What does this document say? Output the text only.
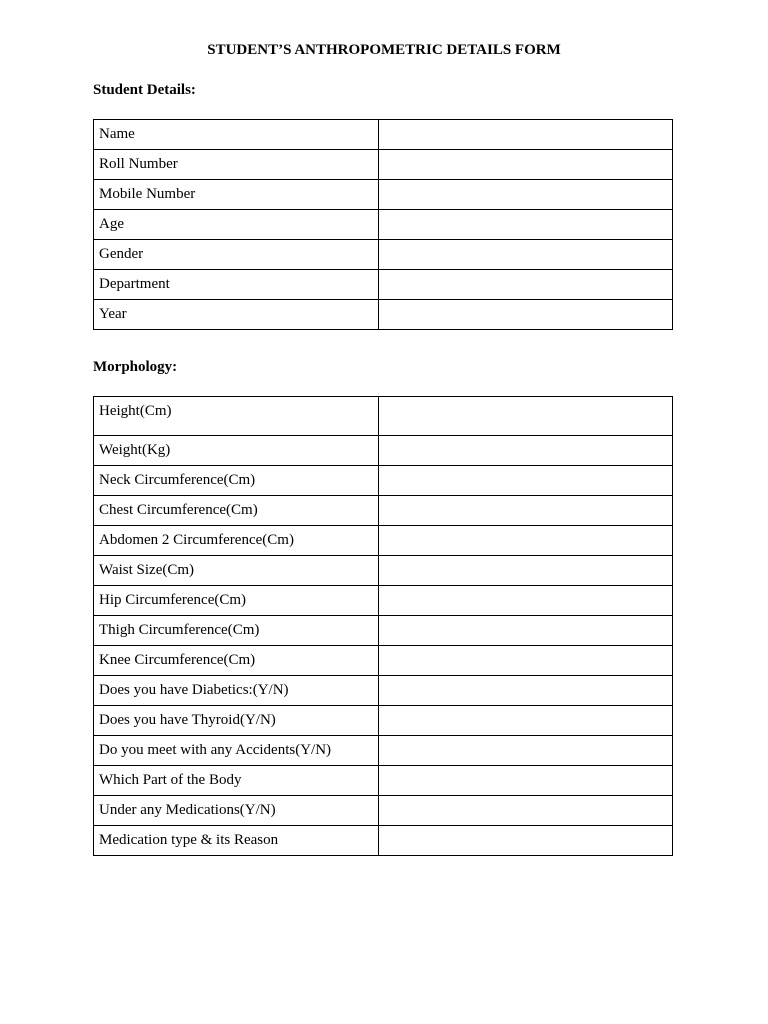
STUDENT’S ANTHROPOMETRIC DETAILS FORM
Student Details:
Name	
Roll Number	
Mobile Number	
Age	
Gender	
Department	
Year	
Morphology:
Height(Cm)	
Weight(Kg)	
Neck Circumference(Cm)	
Chest Circumference(Cm)	
Abdomen 2 Circumference(Cm)	
Waist Size(Cm)	
Hip Circumference(Cm)	
Thigh Circumference(Cm)	
Knee Circumference(Cm)	
Does you have Diabetics:(Y/N)	
Does you have Thyroid(Y/N)	
Do you meet with any Accidents(Y/N)	
Which Part of the Body	
Under any Medications(Y/N)	
Medication type & its Reason	
